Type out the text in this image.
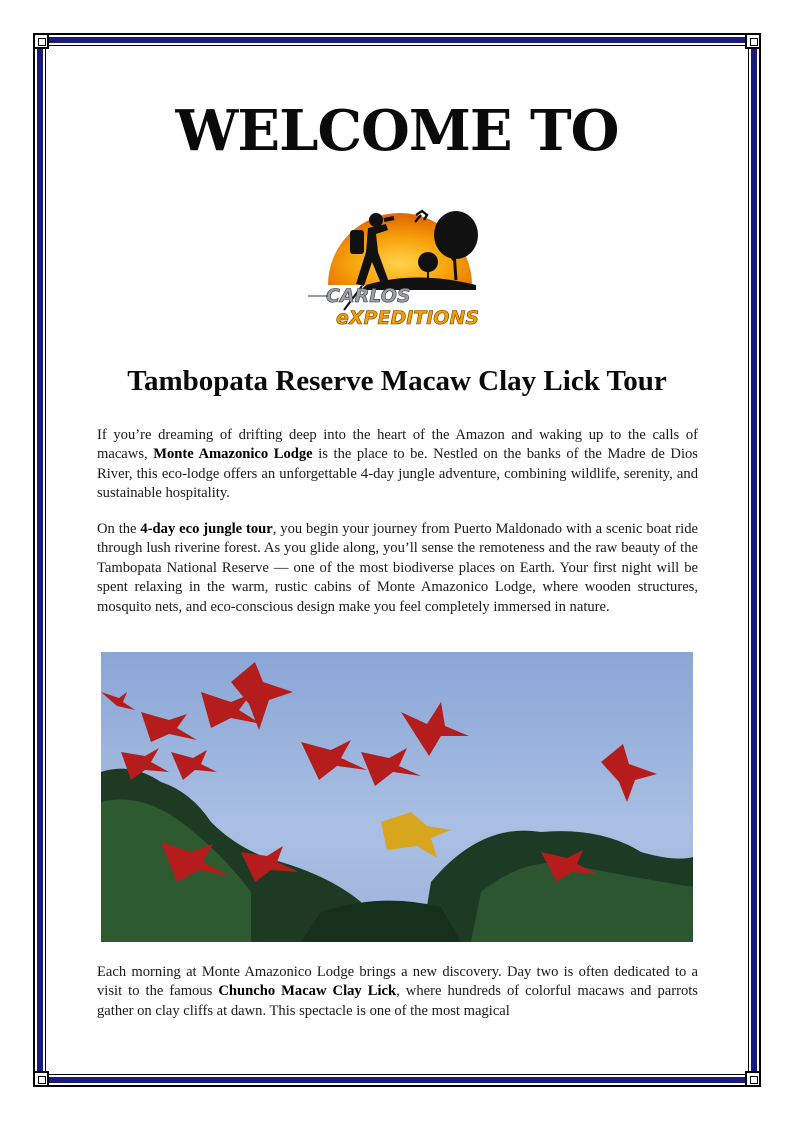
WELCOME TO
CARLOS
eXPEDITIONS
Tambopata Reserve Macaw Clay Lick Tour

If you’re dreaming of drifting deep into the heart of the Amazon and waking up to the calls of macaws, Monte Amazonico Lodge is the place to be. Nestled on the banks of the Madre de Dios River, this eco-lodge offers an unforgettable 4-day jungle adventure, combining wildlife, serenity, and sustainable hospitality.

On the 4-day eco jungle tour, you begin your journey from Puerto Maldonado with a scenic boat ride through lush riverine forest. As you glide along, you’ll sense the remoteness and the raw beauty of the Tambopata National Reserve — one of the most biodiverse places on Earth. Your first night will be spent relaxing in the warm, rustic cabins of Monte Amazonico Lodge, where wooden structures, mosquito nets, and eco-conscious design make you feel completely immersed in nature.

Each morning at Monte Amazonico Lodge brings a new discovery. Day two is often dedicated to a visit to the famous Chuncho Macaw Clay Lick, where hundreds of colorful macaws and parrots gather on clay cliffs at dawn. This spectacle is one of the most magical
